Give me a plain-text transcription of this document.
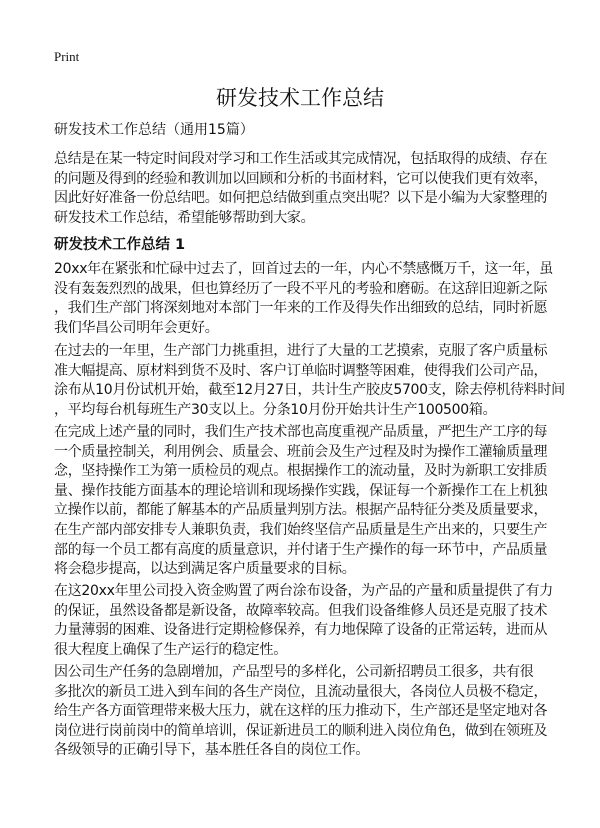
Print
研发技术工作总结
研发技术工作总结（通用15篇）
总结是在某一特定时间段对学习和工作生活或其完成情况，包括取得的成绩、存在
的问题及得到的经验和教训加以回顾和分析的书面材料，它可以使我们更有效率，
因此好好准备一份总结吧。如何把总结做到重点突出呢？以下是小编为大家整理的
研发技术工作总结，希望能够帮助到大家。
研发技术工作总结 1
20xx年在紧张和忙碌中过去了，回首过去的一年，内心不禁感慨万千，这一年，虽
没有轰轰烈烈的战果，但也算经历了一段不平凡的考验和磨砺。在这辞旧迎新之际
，我们生产部门将深刻地对本部门一年来的工作及得失作出细致的总结，同时祈愿
我们华昌公司明年会更好。
在过去的一年里，生产部门力挑重担，进行了大量的工艺摸索，克服了客户质量标
准大幅提高、原材料到货不及时、客户订单临时调整等困难，使得我们公司产品，
涂布从10月份试机开始，截至12月27日，共计生产胶皮5700支，除去停机待料时间
，平均每台机每班生产30支以上。分条10月份开始共计生产100500箱。
在完成上述产量的同时，我们生产技术部也高度重视产品质量，严把生产工序的每
一个质量控制关，利用例会、质量会、班前会及生产过程及时为操作工灌输质量理
念，坚持操作工为第一质检员的观点。根据操作工的流动量，及时为新职工安排质
量、操作技能方面基本的理论培训和现场操作实践，保证每一个新操作工在上机独
立操作以前，都能了解基本的产品质量判别方法。根据产品特征分类及质量要求，
在生产部内部安排专人兼职负责，我们始终坚信产品质量是生产出来的，只要生产
部的每一个员工都有高度的质量意识，并付诸于生产操作的每一环节中，产品质量
将会稳步提高，以达到满足客户质量要求的目标。
在这20xx年里公司投入资金购置了两台涂布设备，为产品的产量和质量提供了有力
的保证，虽然设备都是新设备，故障率较高。但我们设备维修人员还是克服了技术
力量薄弱的困难、设备进行定期检修保养，有力地保障了设备的正常运转，进而从
很大程度上确保了生产运行的稳定性。
因公司生产任务的急剧增加，产品型号的多样化，公司新招聘员工很多，共有很
多批次的新员工进入到车间的各生产岗位，且流动量很大，各岗位人员极不稳定，
给生产各方面管理带来极大压力，就在这样的压力推动下，生产部还是坚定地对各
岗位进行岗前岗中的简单培训，保证新进员工的顺利进入岗位角色，做到在领班及
各级领导的正确引导下，基本胜任各自的岗位工作。
